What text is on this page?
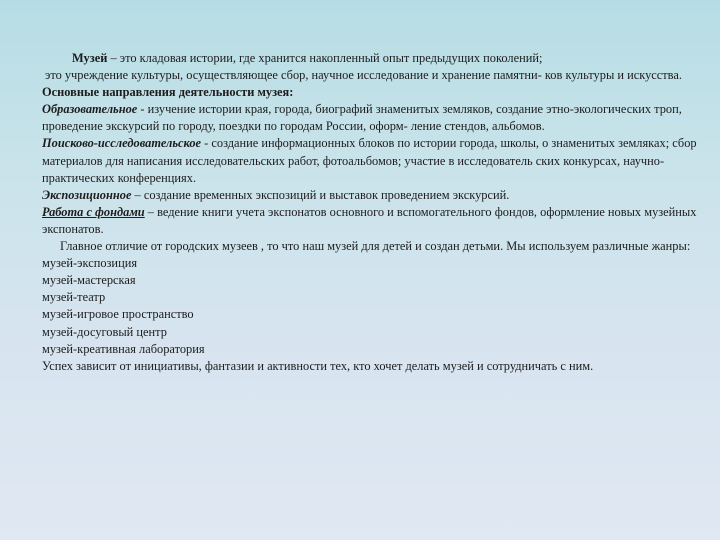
Музей – это кладовая истории, где хранится накопленный опыт предыдущих поколений;

это учреждение культуры, осуществляющее сбор, научное исследование и хранение памятни- ков культуры и искусства.

Основные направления деятельности музея:

Образовательное - изучение истории края, города, биографий знаменитых земляков, создание этно-экологических троп, проведение экскурсий по городу, поездки по городам России, оформ- ление стендов, альбомов.

Поисково-исследовательское - создание информационных блоков по истории города, школы, о знаменитых земляках; сбор материалов для написания исследовательских работ, фотоальбомов; участие в исследователь ских конкурсах, научно-практических конференциях.

Экспозиционное – создание временных экспозиций и выставок проведением экскурсий.

Работа с фондами – ведение книги учета экспонатов основного и вспомогательного фондов, оформление новых музейных экспонатов.

Главное отличие от городских музеев , то что наш музей для детей и создан детьми. Мы используем различные жанры:

музей-экспозиция

музей-мастерская

музей-театр

музей-игровое пространство

музей-досуговый центр

музей-креативная лаборатория

Успех зависит от инициативы, фантазии и активности тех, кто хочет делать музей и сотрудничать с ним.
